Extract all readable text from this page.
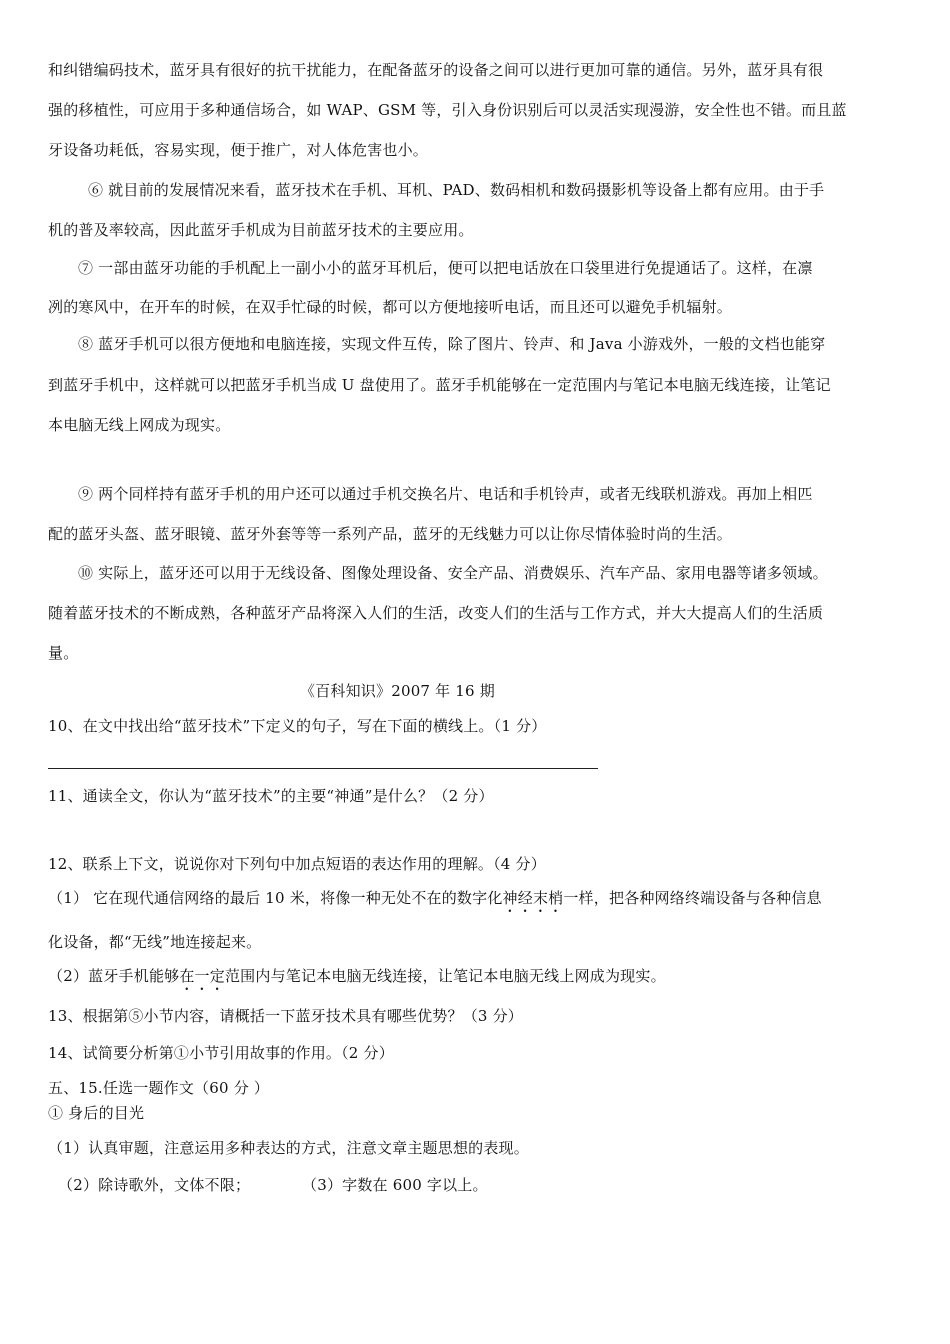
和纠错编码技术，蓝牙具有很好的抗干扰能力，在配备蓝牙的设备之间可以进行更加可靠的通信。另外，蓝牙具有很
强的移植性，可应用于多种通信场合，如 WAP、GSM 等，引入身份识别后可以灵活实现漫游，安全性也不错。而且蓝
牙设备功耗低，容易实现，便于推广，对人体危害也小。
⑥ 就目前的发展情况来看，蓝牙技术在手机、耳机、PAD、数码相机和数码摄影机等设备上都有应用。由于手
机的普及率较高，因此蓝牙手机成为目前蓝牙技术的主要应用。
⑦ 一部由蓝牙功能的手机配上一副小小的蓝牙耳机后，便可以把电话放在口袋里进行免提通话了。这样，在凛
冽的寒风中，在开车的时候，在双手忙碌的时候，都可以方便地接听电话，而且还可以避免手机辐射。
⑧ 蓝牙手机可以很方便地和电脑连接，实现文件互传，除了图片、铃声、和 Java 小游戏外，一般的文档也能穿
到蓝牙手机中，这样就可以把蓝牙手机当成 U 盘使用了。蓝牙手机能够在一定范围内与笔记本电脑无线连接，让笔记
本电脑无线上网成为现实。
⑨ 两个同样持有蓝牙手机的用户还可以通过手机交换名片、电话和手机铃声，或者无线联机游戏。再加上相匹
配的蓝牙头盔、蓝牙眼镜、蓝牙外套等等一系列产品，蓝牙的无线魅力可以让你尽情体验时尚的生活。
⑩ 实际上，蓝牙还可以用于无线设备、图像处理设备、安全产品、消费娱乐、汽车产品、家用电器等诸多领域。
随着蓝牙技术的不断成熟，各种蓝牙产品将深入人们的生活，改变人们的生活与工作方式，并大大提高人们的生活质
量。
《百科知识》2007 年 16 期
10、在文中找出给“蓝牙技术”下定义的句子，写在下面的横线上。（1 分）
11、通读全文，你认为“蓝牙技术”的主要“神通”是什么？（2 分）
12、联系上下文，说说你对下列句中加点短语的表达作用的理解。（4 分）
（1） 它在现代通信网络的最后 10 米，将像一种无处不在的数字化神经末梢一样，把各种网络终端设备与各种信息
化设备，都“无线”地连接起来。
（2）蓝牙手机能够在一定范围内与笔记本电脑无线连接，让笔记本电脑无线上网成为现实。
13、根据第⑤小节内容，请概括一下蓝牙技术具有哪些优势？（3 分）
14、试简要分析第①小节引用故事的作用。（2 分）
五、15.任选一题作文（60 分 ）
① 身后的目光
（1）认真审题，注意运用多种表达的方式，注意文章主题思想的表现。
（2）除诗歌外，文体不限；	（3）字数在 600 字以上。
